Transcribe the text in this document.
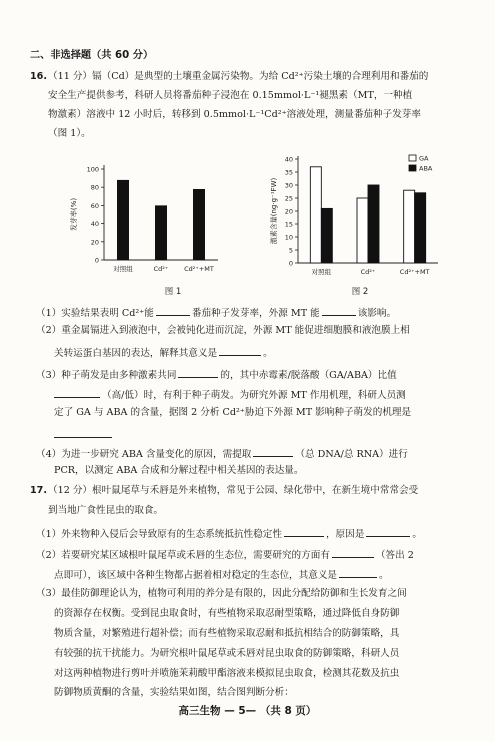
二、非选择题（共 60 分）
16. （11 分）镉（Cd）是典型的土壤重金属污染物。为给 Cd²⁺污染土壤的合理利用和番茄的
安全生产提供参考，科研人员将番茄种子浸泡在 0.15mmol·L⁻¹褪黑素（MT，一种植
物激素）溶液中 12 小时后，转移到 0.5mmol·L⁻¹Cd²⁺溶液处理，测量番茄种子发芽率
（图 1）。
0
20
40
60
80
100
对照组	Cd²⁺ Cd²⁺+MT
发芽率(%)
图 1
0
5
10
15
20
25
30
35
40
对照组	Cd²⁺	Cd²⁺+MT
GA
ABA
激素含量(ng·g⁻¹FW)
图 2
（1）实验结果表明 Cd²⁺能	番茄种子发芽率，外源 MT 能	该影响。
（2）重金属镉进入到液泡中，会被钝化进而沉淀，外源 MT 能促进细胞膜和液泡膜上相
关转运蛋白基因的表达，解释其意义是	。
（3）种子萌发是由多种激素共同	的，其中赤霉素/脱落酸（GA/ABA）比值
（高/低）时，有利于种子萌发。为研究外源 MT 作用机理，科研人员测
定了 GA 与 ABA 的含量，据图 2 分析 Cd²⁺胁迫下外源 MT 影响种子萌发的机理是
（4）为进一步研究 ABA 含量变化的原因，需提取	（总 DNA/总 RNA）进行
PCR，以测定 ABA 合成和分解过程中相关基因的表达量。
17. （12 分）根叶鼠尾草与禾唇是外来植物，常见于公园、绿化带中，在新生境中常常会受
到当地广食性昆虫的取食。
（1）外来物种入侵后会导致原有的生态系统抵抗性稳定性	，原因是	。
（2）若要研究某区域根叶鼠尾草或禾唇的生态位，需要研究的方面有	（答出 2
点即可），该区域中各种生物都占据着相对稳定的生态位，其意义是	。
（3）最佳防御理论认为，植物可利用的养分是有限的，因此分配给防御和生长发育之间
的资源存在权衡。受到昆虫取食时，有些植物采取忍耐型策略，通过降低自身防御
物质含量，对繁殖进行超补偿；而有些植物采取忍耐和抵抗相结合的防御策略，具
有较强的抗干扰能力。为研究根叶鼠尾草或禾唇对昆虫取食的防御策略，科研人员
对这两种植物进行剪叶并喷施茉莉酸甲酯溶液来模拟昆虫取食，检测其花数及抗虫
防御物质黄酮的含量，实验结果如图，结合图判断分析：
高三生物 — 5— （共 8 页）
